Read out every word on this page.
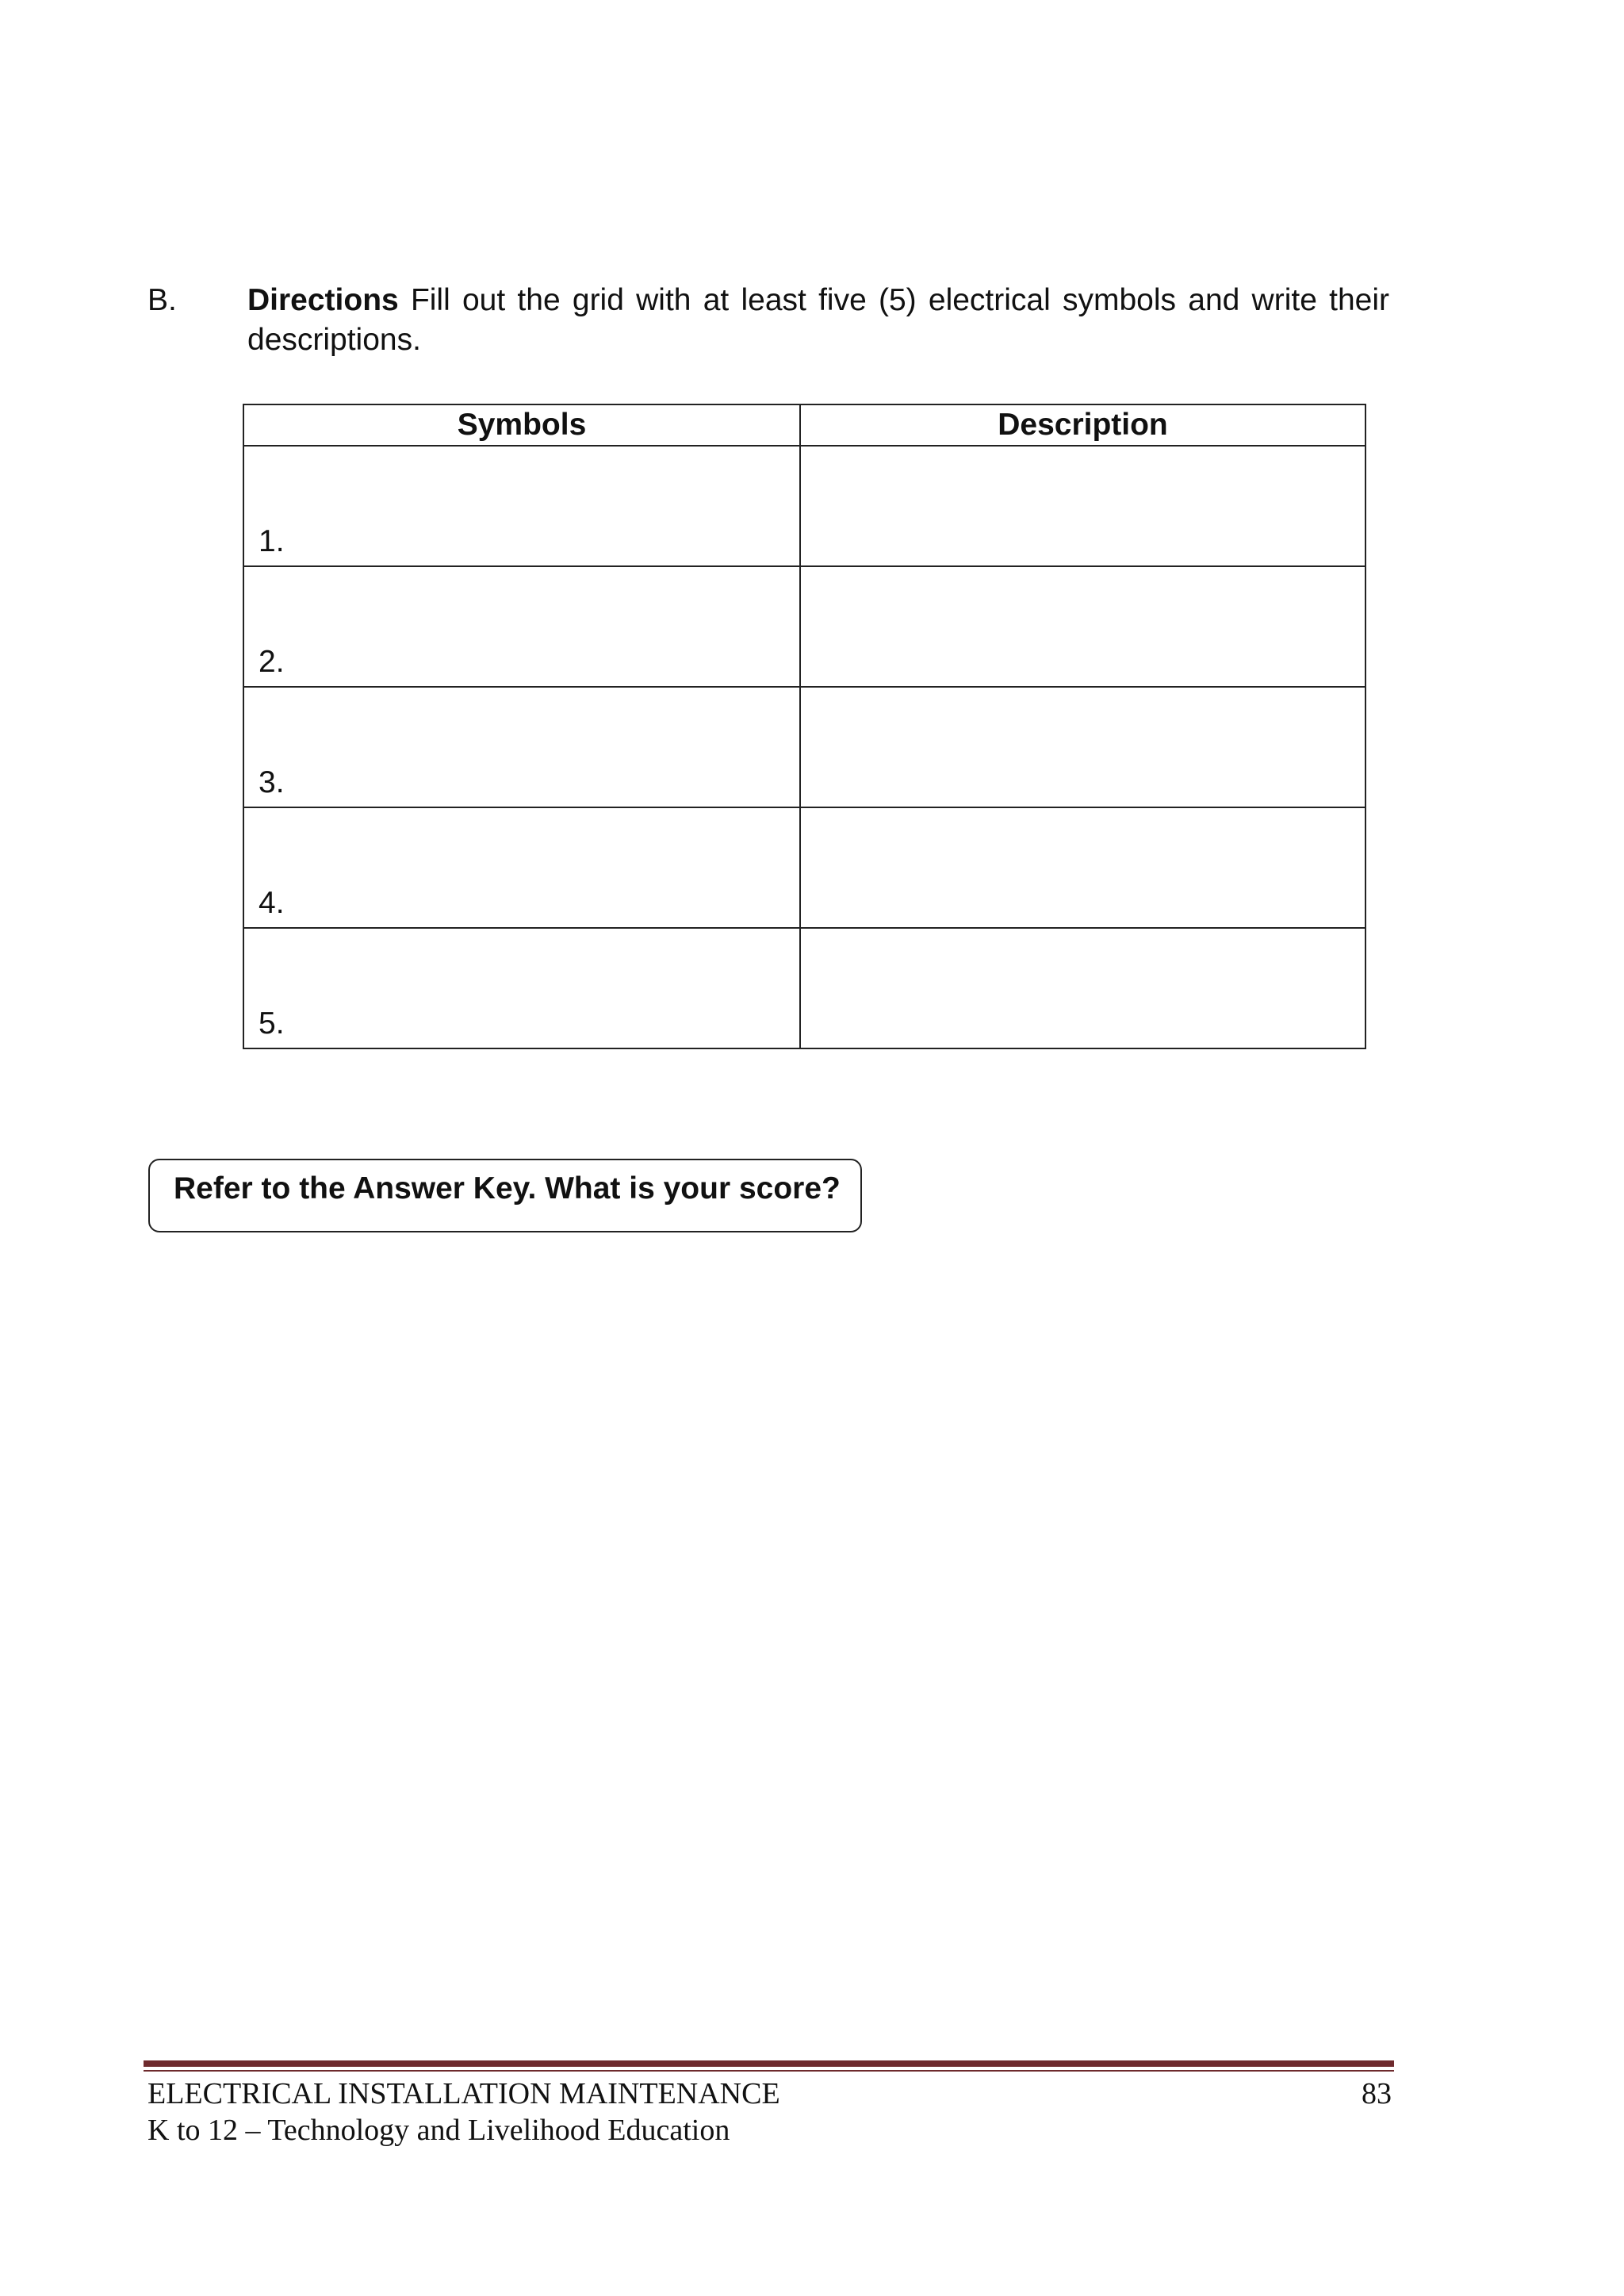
B. Directions Fill out the grid with at least five (5) electrical symbols and write their descriptions.
Symbols	Description

1.	

2.	

3.	

4.	

5.	

Refer to the Answer Key. What is your score?
ELECTRICAL INSTALLATION MAINTENANCE
K to 12 – Technology and Livelihood Education
83
